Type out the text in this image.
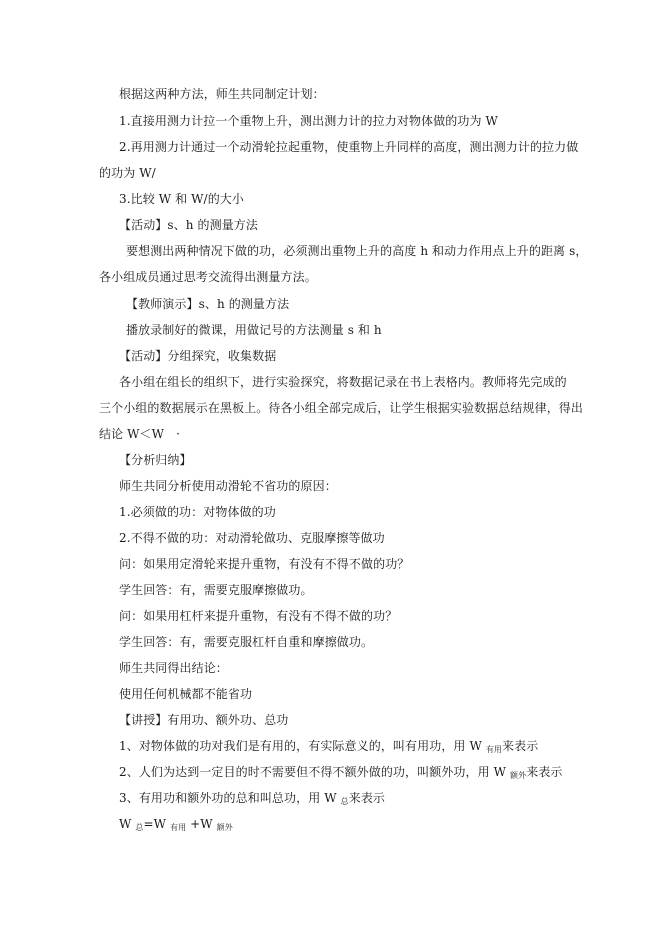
根据这两种方法，师生共同制定计划：
1.直接用测力计拉一个重物上升，测出测力计的拉力对物体做的功为 W
2.再用测力计通过一个动滑轮拉起重物，使重物上升同样的高度，测出测力计的拉力做
的功为 W/
3.比较 W 和 W/的大小
【活动】s、h 的测量方法
要想测出两种情况下做的功，必须测出重物上升的高度 h 和动力作用点上升的距离 s，
各小组成员通过思考交流得出测量方法。
【教师演示】s、h 的测量方法
播放录制好的微课，用做记号的方法测量 s 和 h
【活动】分组探究，收集数据
各小组在组长的组织下，进行实验探究，将数据记录在书上表格内。教师将先完成的
三个小组的数据展示在黑板上。待各小组全部完成后，让学生根据实验数据总结规律，得出
结论 W＜W　·
【分析归纳】
师生共同分析使用动滑轮不省功的原因：
1.必须做的功：对物体做的功
2.不得不做的功：对动滑轮做功、克服摩擦等做功
问：如果用定滑轮来提升重物，有没有不得不做的功？
学生回答：有，需要克服摩擦做功。
问：如果用杠杆来提升重物，有没有不得不做的功？
学生回答：有，需要克服杠杆自重和摩擦做功。
师生共同得出结论：
使用任何机械都不能省功
【讲授】有用功、额外功、总功
1、对物体做的功对我们是有用的，有实际意义的，叫有用功，用 W $_{有用}$来表示
2、人们为达到一定目的时不需要但不得不额外做的功，叫额外功，用 W $_{额外}$来表示
3、有用功和额外功的总和叫总功，用 W $_总$来表示
W $_总$=W $_{有用}$ +W $_{额外}$
